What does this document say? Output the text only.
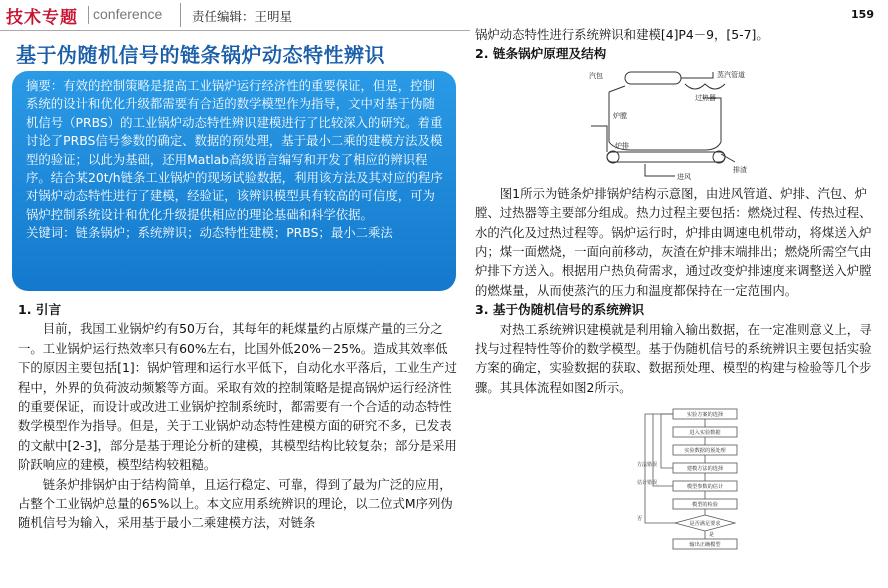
技术专题 conference 责任编辑：王明星	159
基于伪随机信号的链条锅炉动态特性辨识

摘要：有效的控制策略是提高工业锅炉运行经济性的重要保证，但是，控制系统的设计和优化升级都需要有合适的数学模型作为指导，文中对基于伪随机信号（PRBS）的工业锅炉动态特性辨识建模进行了比较深入的研究。着重讨论了PRBS信号参数的确定、数据的预处理，基于最小二乘的建模方法及模型的验证；以此为基础，还用Matlab高级语言编写和开发了相应的辨识程序。结合某20t/h链条工业锅炉的现场试验数据，利用该方法及其对应的程序对锅炉动态特性进行了建模，经验证，该辨识模型具有较高的可信度，可为锅炉控制系统设计和优化升级提供相应的理论基础和科学依据。

关键词：链条锅炉；系统辨识；动态特性建模；PRBS；最小二乘法

1. 引言

目前，我国工业锅炉约有50万台，其每年的耗煤量约占原煤产量的三分之一。工业锅炉运行热效率只有60%左右，比国外低20%－25%。造成其效率低下的原因主要包括[1]：锅炉管理和运行水平低下，自动化水平落后，工业生产过程中，外界的负荷波动频繁等方面。采取有效的控制策略是提高锅炉运行经济性的重要保证，而设计或改进工业锅炉控制系统时，都需要有一个合适的动态特性数学模型作为指导。但是，关于工业锅炉动态特性建模方面的研究不多，已发表的文献中[2-3]，部分是基于理论分析的建模，其模型结构比较复杂；部分是采用阶跃响应的建模，模型结构较粗糙。

链条炉排锅炉由于结构简单，且运行稳定、可靠，得到了最为广泛的应用，占整个工业锅炉总量的65%以上。本文应用系统辨识的理论，以二位式M序列伪随机信号为输入，采用基于最小二乘建模方法，对链条

锅炉动态特性进行系统辨识和建模[4]P4－9，[5-7]。

2. 链条锅炉原理及结构

汽包
过热器
蒸汽管道
炉膛
炉排
排渣
进风

图1所示为链条炉排锅炉结构示意图，由进风管道、炉排、汽包、炉膛、过热器等主要部分组成。热力过程主要包括：燃烧过程、传热过程、水的汽化及过热过程等。锅炉运行时，炉排由调速电机带动，将煤送入炉内；煤一面燃烧，一面向前移动，灰渣在炉排末端排出；燃烧所需空气由炉排下方送入。根据用户热负荷需求，通过改变炉排速度来调整送入炉膛的燃煤量，从而使蒸汽的压力和温度都保持在一定范围内。

3. 基于伪随机信号的系统辨识

对热工系统辨识建模就是利用输入输出数据，在一定准则意义上，寻找与过程特性等价的数学模型。基于伪随机信号的系统辨识主要包括实验方案的确定，实验数据的获取、数据预处理、模型的构建与检验等几个步骤。其具体流程如图2所示。

实验方案的选择
进入实验数据
实验数据的预处理
建模方法的选择
模型参数的估计
模型的检验
是否满足要求
输出正确模型
方法错误
估计错误
否
是
